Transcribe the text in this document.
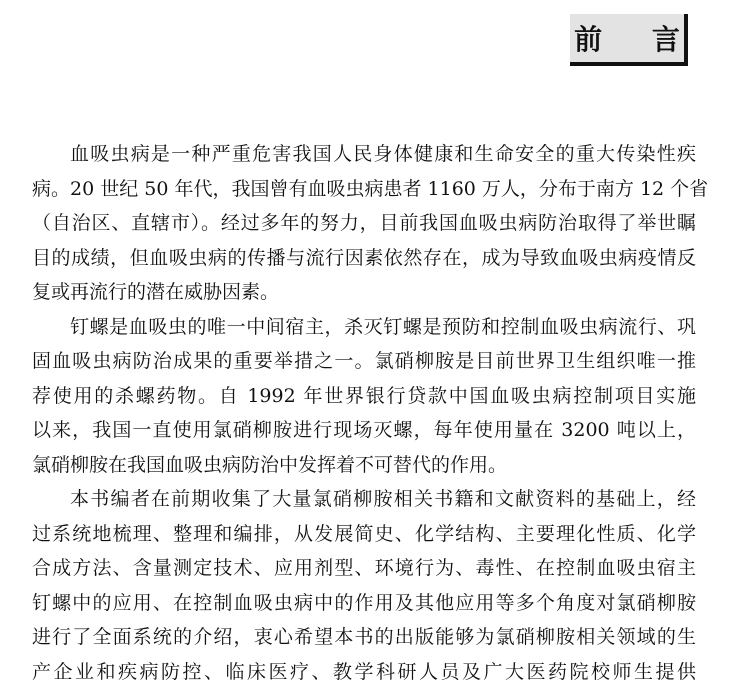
前 言
血吸虫病是一种严重危害我国人民身体健康和生命安全的重大传染性疾
病。20 世纪 50 年代，我国曾有血吸虫病患者 1160 万人，分布于南方 12 个省
（自治区、直辖市）。经过多年的努力，目前我国血吸虫病防治取得了举世瞩
目的成绩，但血吸虫病的传播与流行因素依然存在，成为导致血吸虫病疫情反
复或再流行的潜在威胁因素。
钉螺是血吸虫的唯一中间宿主，杀灭钉螺是预防和控制血吸虫病流行、巩
固血吸虫病防治成果的重要举措之一。氯硝柳胺是目前世界卫生组织唯一推
荐使用的杀螺药物。自 1992 年世界银行贷款中国血吸虫病控制项目实施
以来，我国一直使用氯硝柳胺进行现场灭螺，每年使用量在 3200 吨以上，
氯硝柳胺在我国血吸虫病防治中发挥着不可替代的作用。
本书编者在前期收集了大量氯硝柳胺相关书籍和文献资料的基础上，经
过系统地梳理、整理和编排，从发展简史、化学结构、主要理化性质、化学
合成方法、含量测定技术、应用剂型、环境行为、毒性、在控制血吸虫宿主
钉螺中的应用、在控制血吸虫病中的作用及其他应用等多个角度对氯硝柳胺
进行了全面系统的介绍，衷心希望本书的出版能够为氯硝柳胺相关领域的生
产企业和疾病防控、临床医疗、教学科研人员及广大医药院校师生提供
